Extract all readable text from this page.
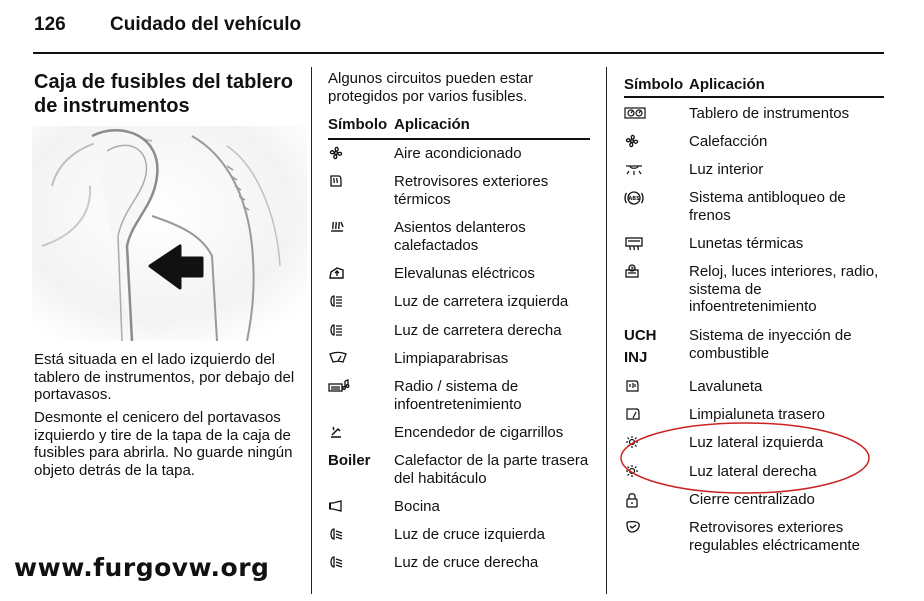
126 Cuidado del vehículo
Caja de fusibles del tablero de instrumentos
Está situada en el lado izquierdo del tablero de instrumentos, por debajo del portavasos.
Desmonte el cenicero del portavasos izquierdo y tire de la tapa de la caja de fusibles para abrirla. No guarde ningún objeto detrás de la tapa.
www.furgovw.org
Algunos circuitos pueden estar protegidos por varios fusibles.
Símbolo Aplicación
Aire acondicionado
Retrovisores exteriores térmicos
Asientos delanteros calefactados
Elevalunas eléctricos
Luz de carretera izquierda
Luz de carretera derecha
Limpiaparabrisas
Radio / sistema de infoentretenimiento
Encendedor de cigarrillos
Boiler	Calefactor de la parte trasera del habitáculo
Bocina
Luz de cruce izquierda
Luz de cruce derecha
Símbolo Aplicación
Tablero de instrumentos
Calefacción
Luz interior
ABS	Sistema antibloqueo de frenos
Lunetas térmicas
Reloj, luces interiores, radio, sistema de infoentretenimiento
UCH
INJ
Sistema de inyección de combustible
Lavaluneta
Limpialuneta trasero
Luz lateral izquierda
Luz lateral derecha
Cierre centralizado
Retrovisores exteriores regulables eléctricamente
